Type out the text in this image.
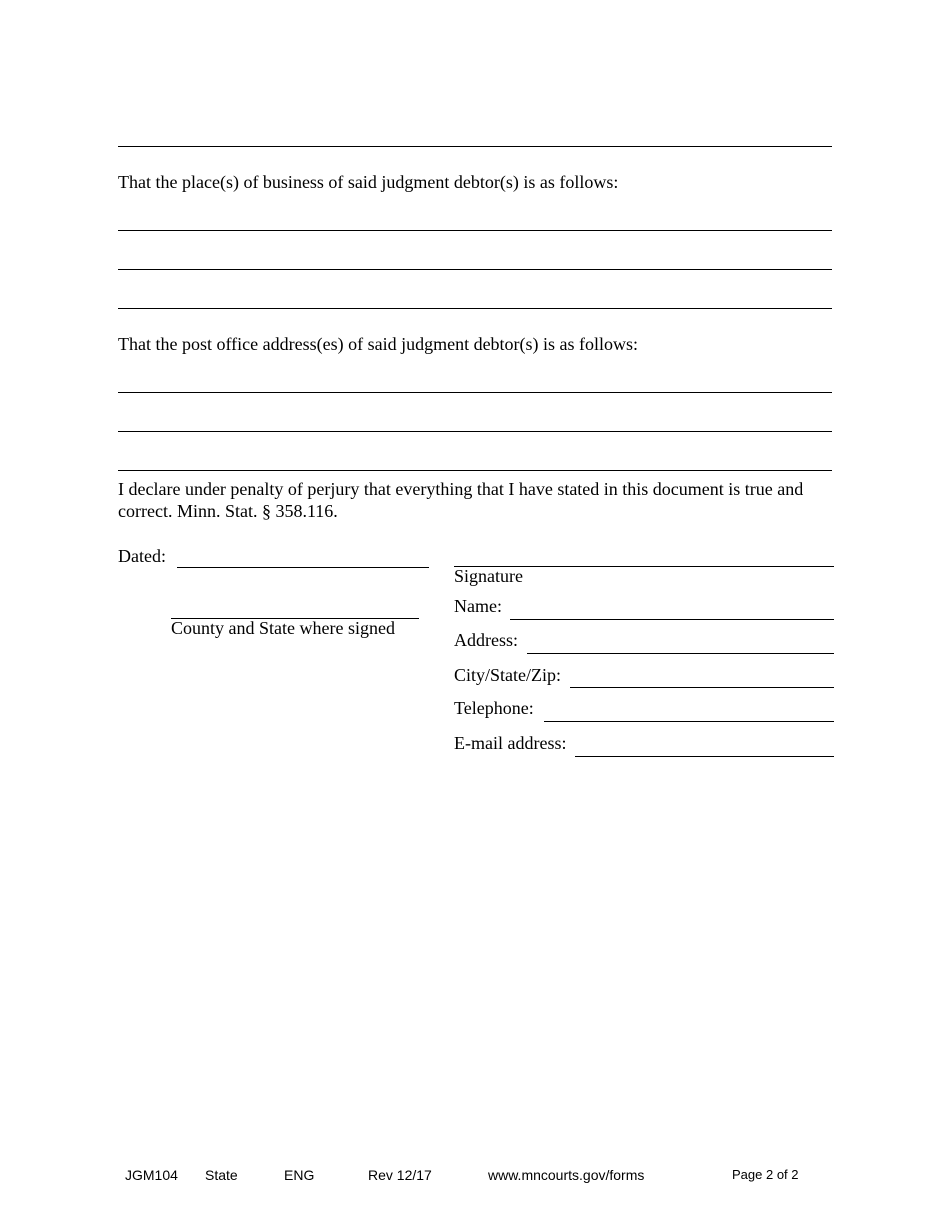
That the place(s) of business of said judgment debtor(s) is as follows:
That the post office address(es) of said judgment debtor(s) is as follows:
I declare under penalty of perjury that everything that I have stated in this document is true and correct. Minn. Stat. § 358.116.
Dated:
County and State where signed
Signature
Name:
Address:
City/State/Zip:
Telephone:
E-mail address:
JGM104 State	ENG	Rev 12/17	www.mncourts.gov/forms	Page 2 of 2
